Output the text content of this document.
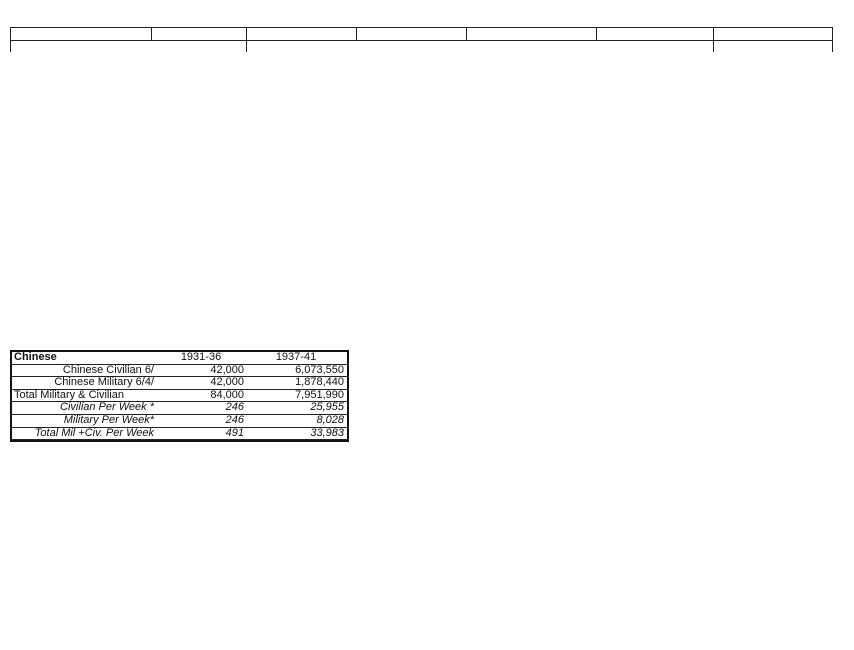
Chinese	1931-36	1937-41
Chinese Civilian 6/	42,000	6,073,550
Chinese Military 6/4/	42,000	1,878,440
Total Military & Civilian	84,000	7,951,990
Civilian Per Week *	246	25,955
Military Per Week*	246	8,028
Total Mil +Civ. Per Week	491	33,983
